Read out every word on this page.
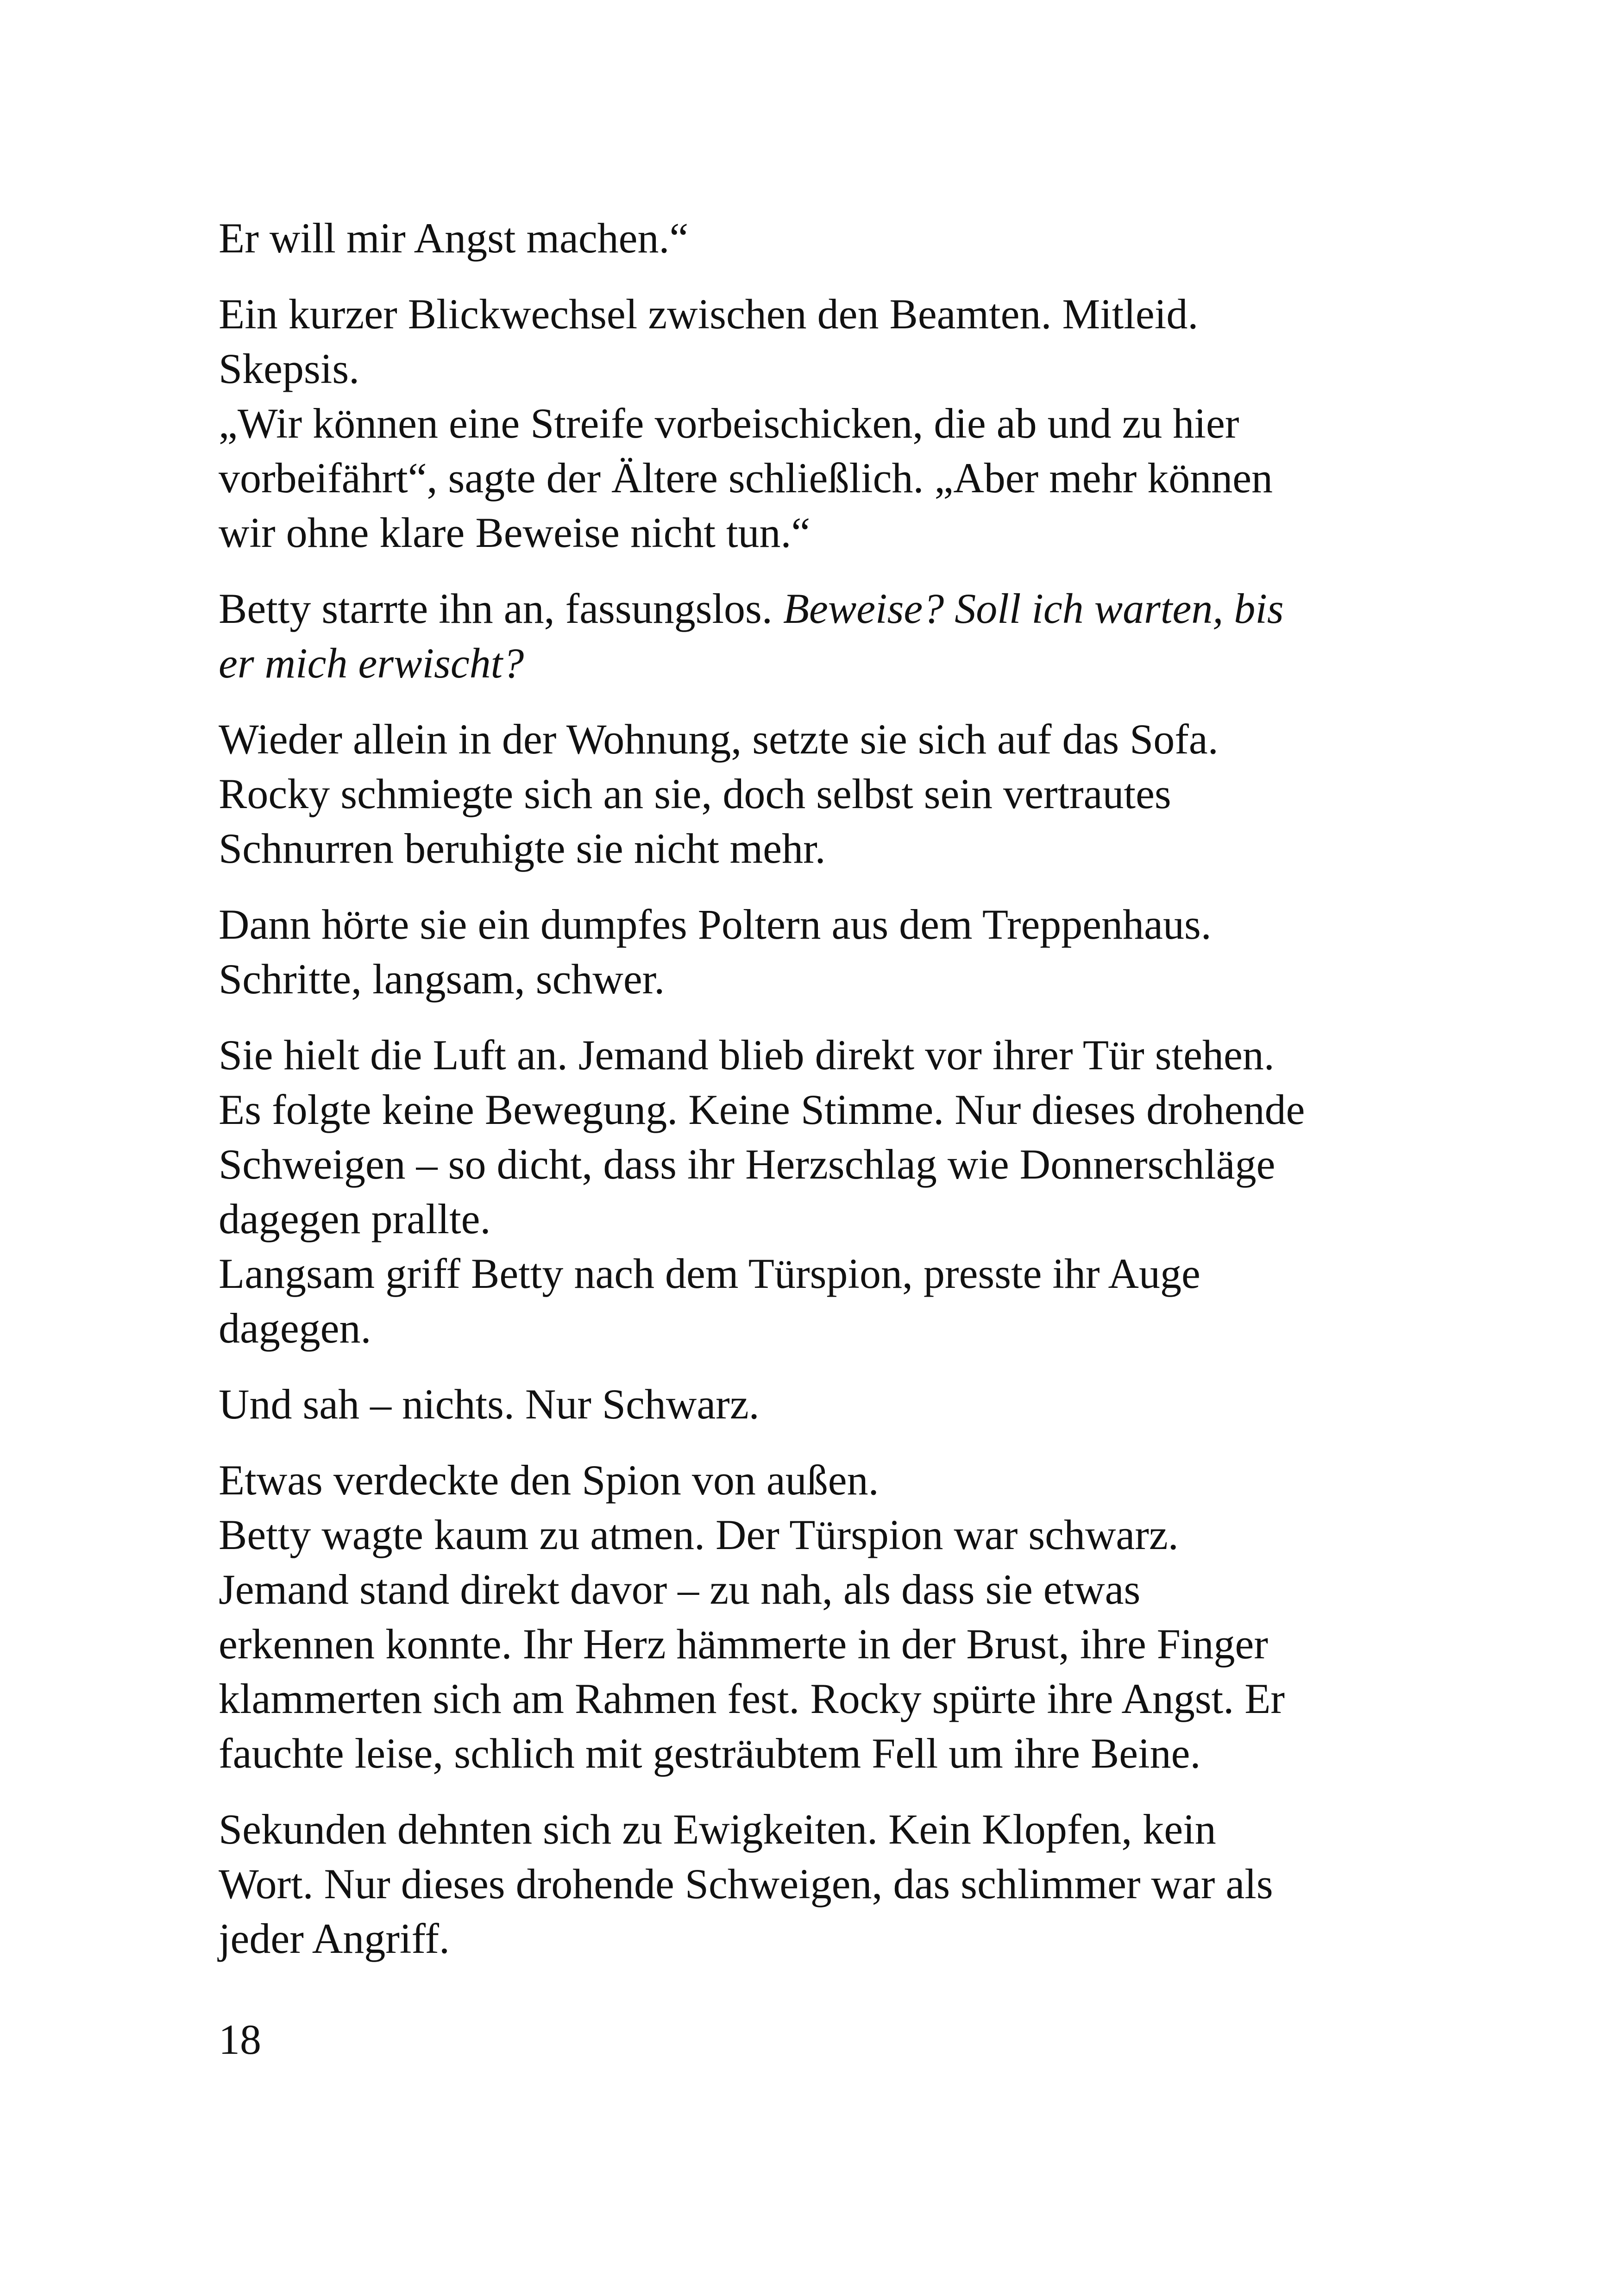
Er will mir Angst machen.“

Ein kurzer Blickwechsel zwischen den Beamten. Mitleid.
Skepsis.

„Wir können eine Streife vorbeischicken, die ab und zu hier
vorbeifährt“, sagte der Ältere schließlich. „Aber mehr können
wir ohne klare Beweise nicht tun.“

Betty starrte ihn an, fassungslos. Beweise? Soll ich warten, bis
er mich erwischt?

Wieder allein in der Wohnung, setzte sie sich auf das Sofa.
Rocky schmiegte sich an sie, doch selbst sein vertrautes
Schnurren beruhigte sie nicht mehr.

Dann hörte sie ein dumpfes Poltern aus dem Treppenhaus.
Schritte, langsam, schwer.

Sie hielt die Luft an. Jemand blieb direkt vor ihrer Tür stehen.
Es folgte keine Bewegung. Keine Stimme. Nur dieses drohende
Schweigen – so dicht, dass ihr Herzschlag wie Donnerschläge
dagegen prallte.

Langsam griff Betty nach dem Türspion, presste ihr Auge
dagegen.

Und sah – nichts. Nur Schwarz.

Etwas verdeckte den Spion von außen.

Betty wagte kaum zu atmen. Der Türspion war schwarz.
Jemand stand direkt davor – zu nah, als dass sie etwas
erkennen konnte. Ihr Herz hämmerte in der Brust, ihre Finger
klammerten sich am Rahmen fest. Rocky spürte ihre Angst. Er
fauchte leise, schlich mit gesträubtem Fell um ihre Beine.

Sekunden dehnten sich zu Ewigkeiten. Kein Klopfen, kein
Wort. Nur dieses drohende Schweigen, das schlimmer war als
jeder Angriff.

18
